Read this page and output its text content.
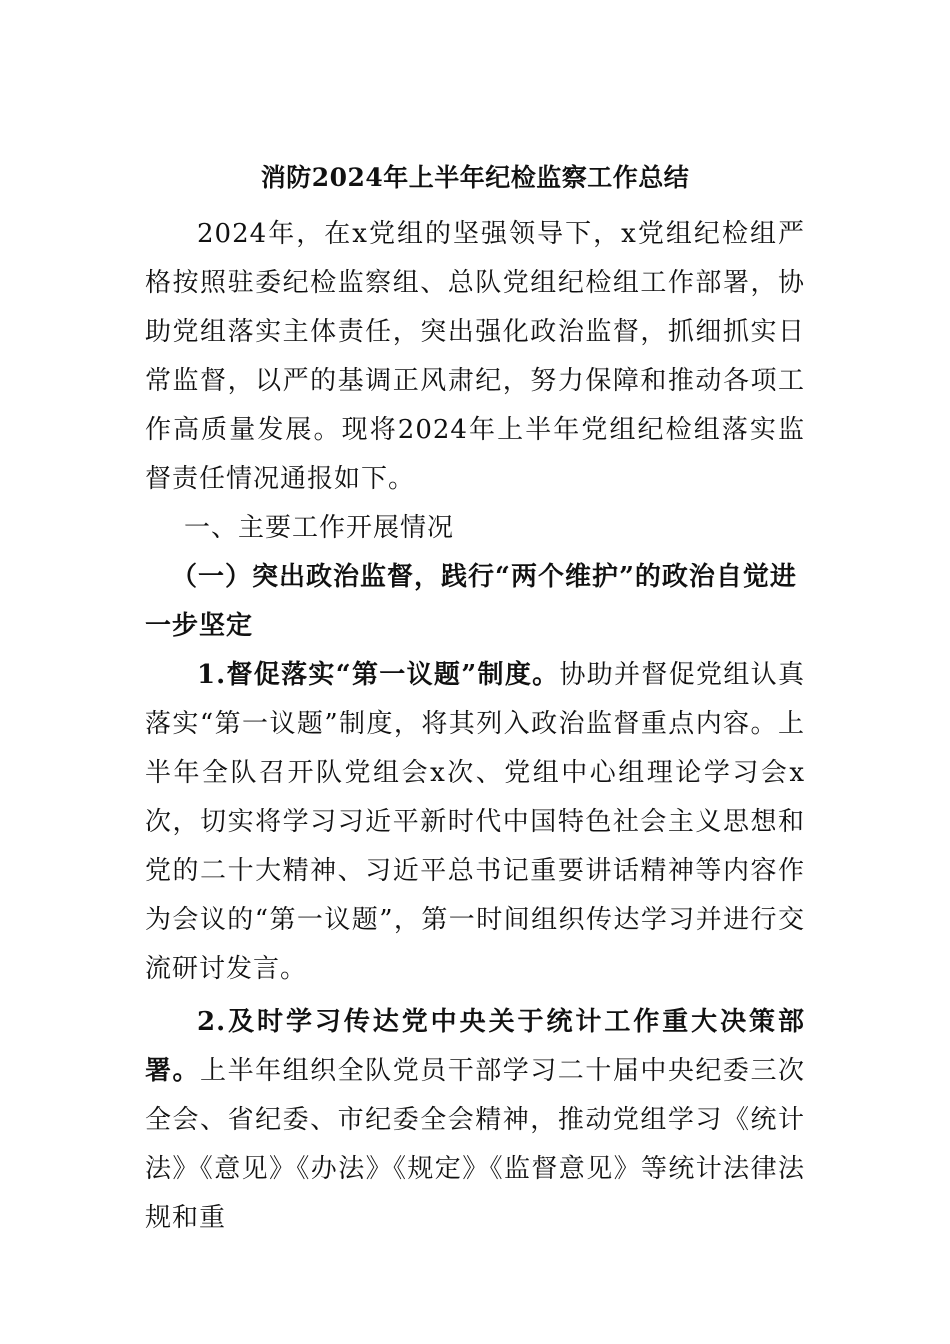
消防2024年上半年纪检监察工作总结

2024年，在x党组的坚强领导下，x党组纪检组严格按照驻委纪检监察组、总队党组纪检组工作部署，协助党组落实主体责任，突出强化政治监督，抓细抓实日常监督，以严的基调正风肃纪，努力保障和推动各项工作高质量发展。现将2024年上半年党组纪检组落实监督责任情况通报如下。

一、主要工作开展情况

（一）突出政治监督，践行“两个维护”的政治自觉进一步坚定

1.督促落实“第一议题”制度。协助并督促党组认真落实“第一议题”制度，将其列入政治监督重点内容。上半年全队召开队党组会x次、党组中心组理论学习会x次，切实将学习习近平新时代中国特色社会主义思想和党的二十大精神、习近平总书记重要讲话精神等内容作为会议的“第一议题”，第一时间组织传达学习并进行交流研讨发言。

2.及时学习传达党中央关于统计工作重大决策部署。上半年组织全队党员干部学习二十届中央纪委三次全会、省纪委、市纪委全会精神，推动党组学习《统计法》《意见》《办法》《规定》《监督意见》等统计法律法规和重
